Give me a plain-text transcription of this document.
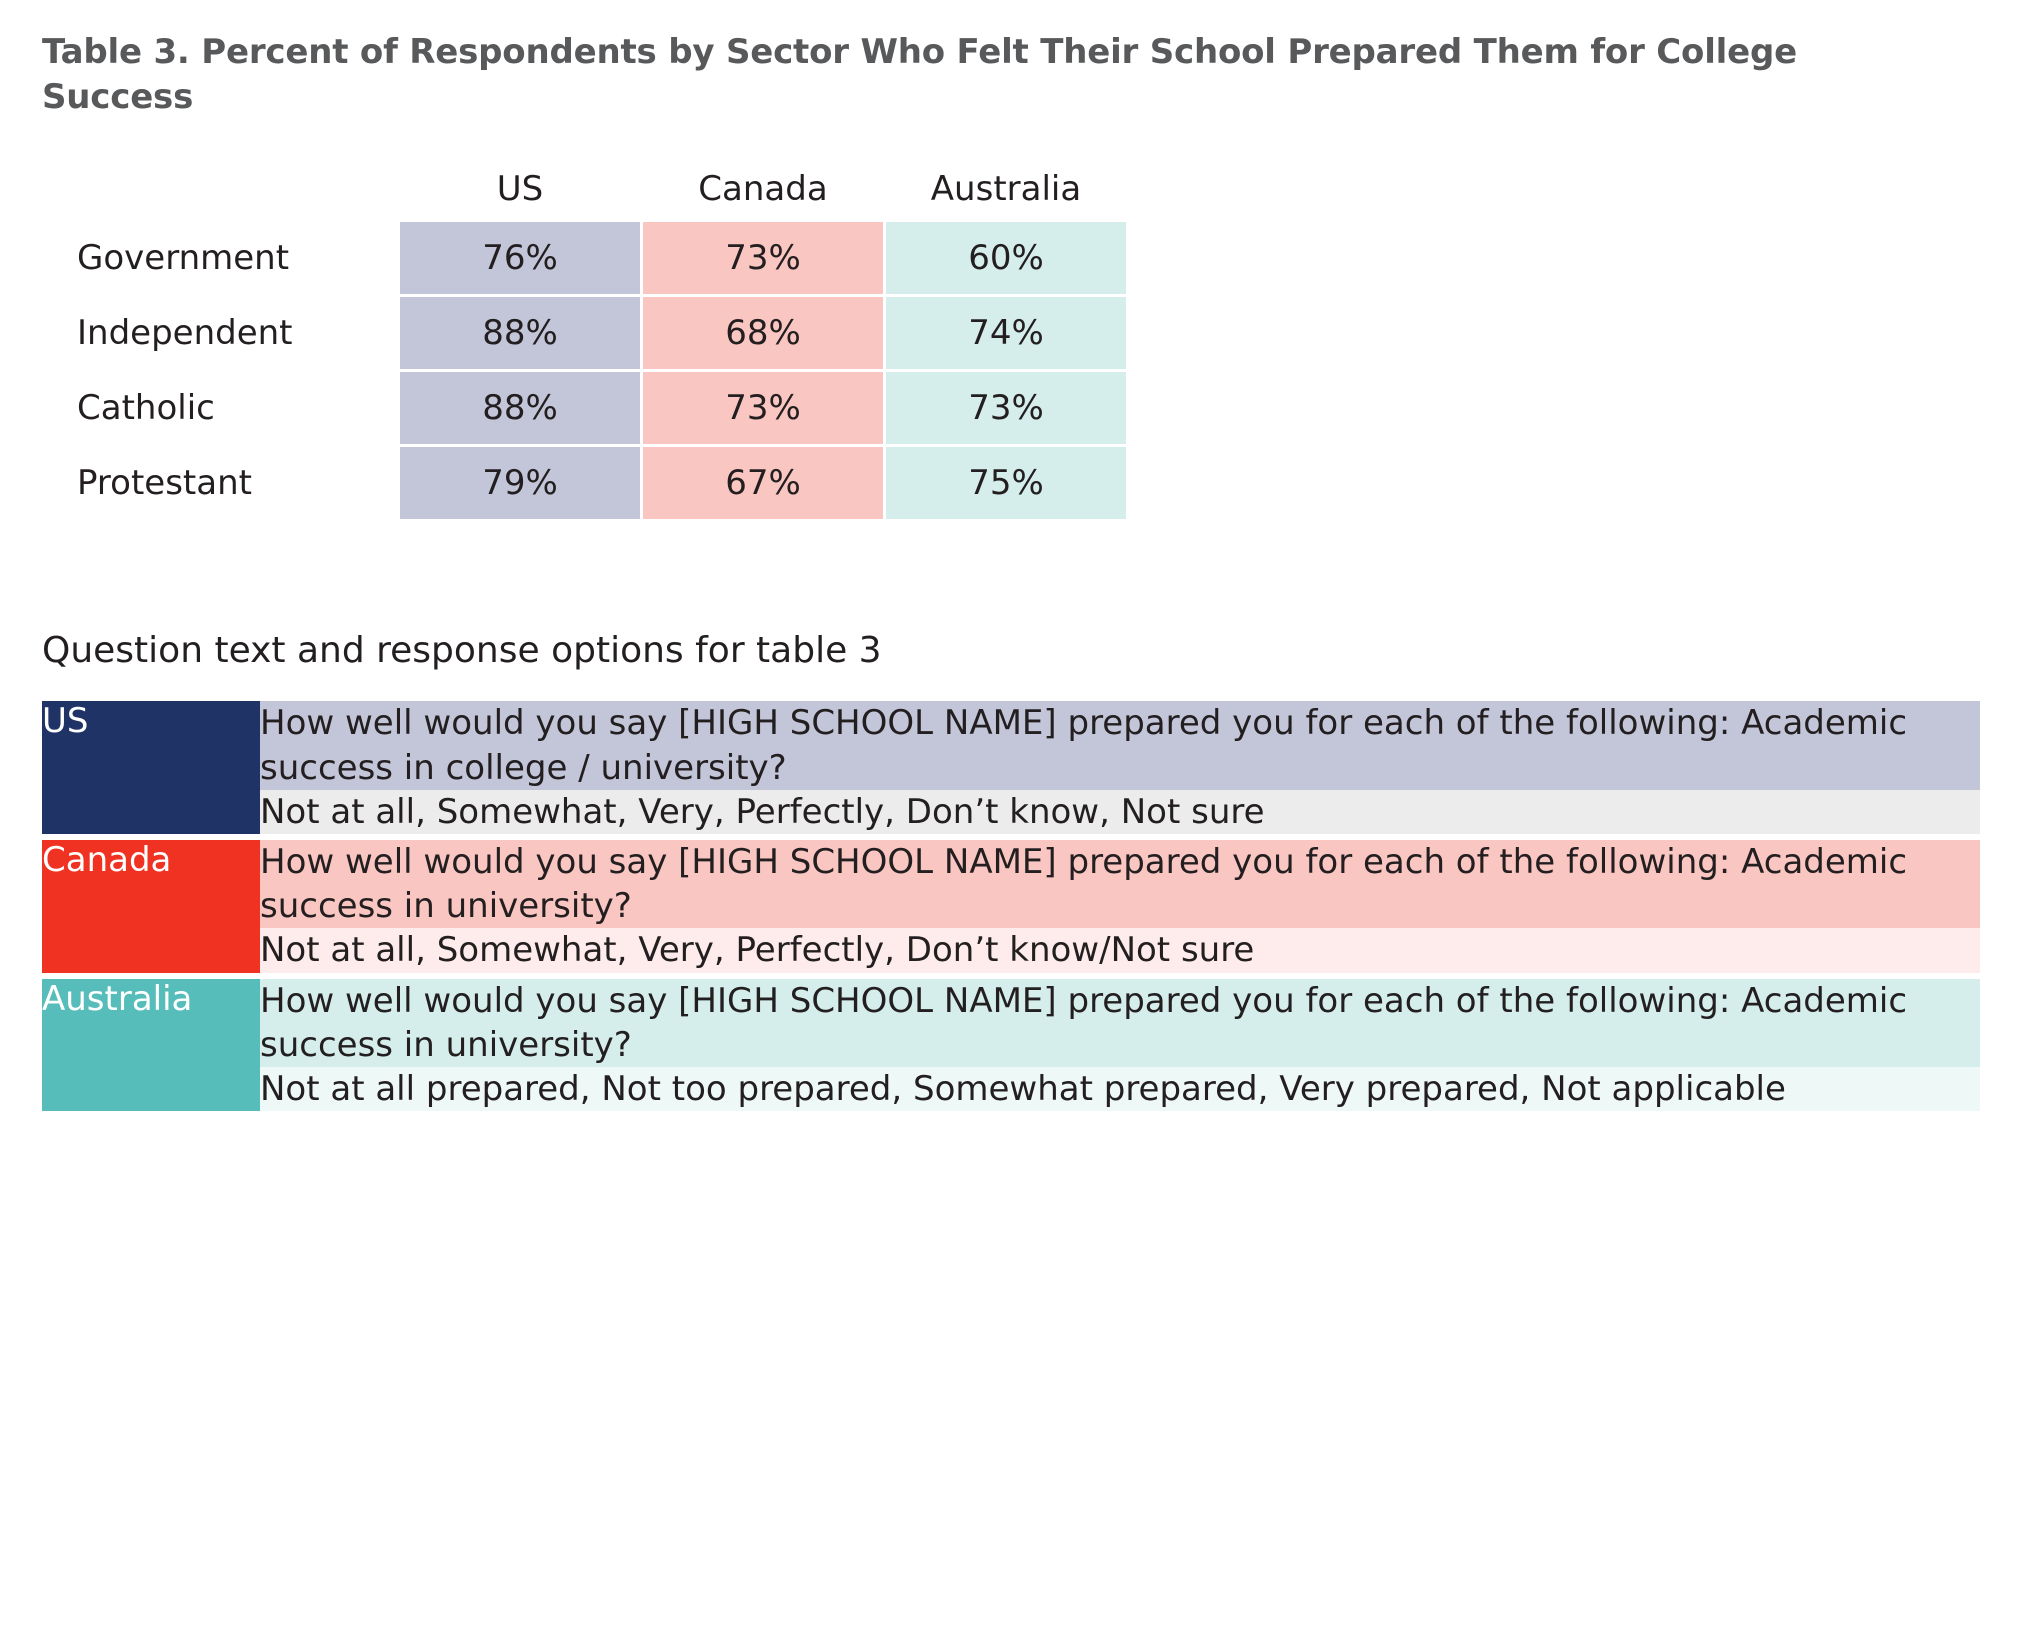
Table 3. Percent of Respondents by Sector Who Felt Their School Prepared Them for College Success
	US	Canada	Australia
Government	76%	73%	60%
Independent	88%	68%	74%
Catholic	88%	73%	73%
Protestant	79%	67%	75%
Question text and response options for table 3
US	How well would you say [HIGH SCHOOL NAME] prepared you for each of the following: Academic success in college / university?
	Not at all, Somewhat, Very, Perfectly, Don’t know, Not sure

Canada	How well would you say [HIGH SCHOOL NAME] prepared you for each of the following: Academic success in university?
	Not at all, Somewhat, Very, Perfectly, Don’t know/Not sure

Australia	How well would you say [HIGH SCHOOL NAME] prepared you for each of the following: Academic success in university?
	Not at all prepared, Not too prepared, Somewhat prepared, Very prepared, Not applicable
